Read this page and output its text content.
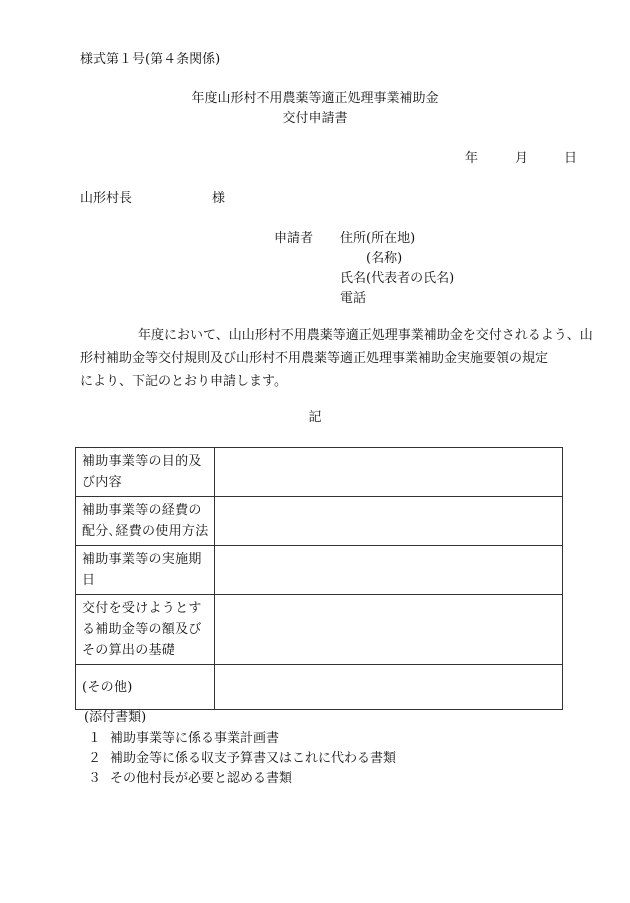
様式第１号(第４条関係)
年度山形村不用農薬等適正処理事業補助金
交付申請書
年	月	日
山形村長	様
申請者 住所(所在地)
(名称)
氏名(代表者の氏名)
電話
年度において、山山形村不用農薬等適正処理事業補助金を交付されるよう、山
形村補助金等交付規則及び山形村不用農薬等適正処理事業補助金実施要領の規定
により、下記のとおり申請します。
記
補助事業等の目的及
び内容	

補助事業等の経費の
配分､経費の使用方法	

補助事業等の実施期
日	

交付を受けようとす
る補助金等の額及び
その算出の基礎	

(その他)	

(添付書類)
１ 補助事業等に係る事業計画書
２ 補助金等に係る収支予算書又はこれに代わる書類
３ その他村長が必要と認める書類
